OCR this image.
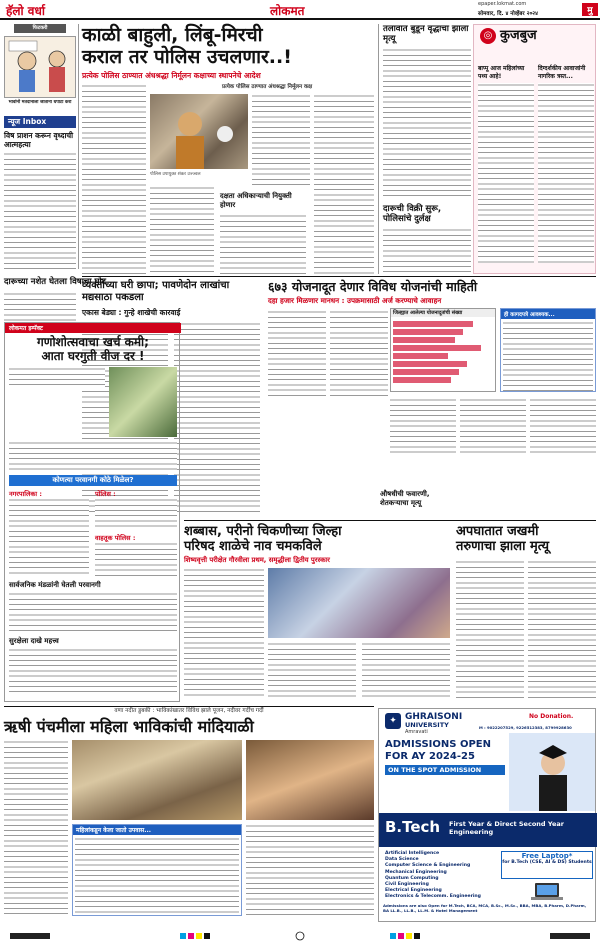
हॅलो वर्धा	लोकमत	epaper.lokmat.com
सोमवार, दि. ४ नोव्हेंबर २०२४	मु
फिटकरी
भावांनो मतदानाला जाताना धपाटा करा
न्यूज Inbox
विष प्राशन करून वृध्दाची आत्महत्या
दारूच्या नशेत घेतला विषाचा घोट
काळी बाहुली, लिंबू-मिरची
कराल तर पोलिस उचलणार..!
प्रत्येक पोलिस ठाण्यात अंधश्रद्धा निर्मूलन कक्षाच्या स्थापनेचे आदेश
प्रत्येक पोलिस ठाण्यात अंधश्रद्धा निर्मूलन कक्ष
पोलिस उपायुक्त शंकर उज्ज्वल
दक्षता अधिकाऱ्याची नियुक्ती होणार
तलावात बुडून वृद्धाचा झाला मृत्यू
दारूची विक्री सुरू, पोलिसांचे दुर्लक्ष
◎ कुजबुज
बाप्पू आज महिलांच्या पथ्य आहे!
दिग्दर्शकीय आवाजांनी नागरिक त्रस्त...
व्यक्तीच्या घरी छापा; पावणेदोन लाखांचा मद्यसाठा पकडला
एकास बेड्या : गुन्हे शाखेची कारवाई
६७३ योजनादूत देणार विविध योजनांची माहिती
दहा हजार मिळणार मानधन : उपक्रमासाठी अर्ज करण्याचे आवाहन
जिल्ह्यात आलेल्या योजनादूतांची संख्या	ही कागदपत्रे आवश्यक...
लोकमत इम्पॅक्ट
गणोशोत्सवाचा खर्च कमी;
आता घरगुती वीज दर !
कोणत्या परवानगी कोठे मिळेल?
नगरपालिका :	पोलिस :
वाहतूक पोलिस :
सार्वजनिक मंडळांनी घेतली परवानगी
सुरक्षेला दाखे महत्त्व
शब्बास, परीनो चिकणीच्या जिल्हा
परिषद शाळेचे नाव चमकविले
शिष्यवृत्ती परीक्षेत गौरवीला प्रथम, समृद्धीला द्वितीय पुरस्कार
अपघातात जखमी
तरुणाचा झाला मृत्यू
औषधीची फवारणी, शेतकऱ्याचा मृत्यू
वणा नदीत डुबकी : भाविकांखातर विविध झाले पूजन, नदीवर गर्दीच गर्दी
ऋषी पंचमीला महिला भाविकांची मांदियाळी
महिलांकडून केला जातो उपवास...
✦ GHRAISONI
UNIVERSITY
Amravati
ADMISSIONS OPEN
FOR AY 2024-25
ON THE SPOT ADMISSION
B.Tech First Year & Direct Second Year Engineering
Artificial Intelligence
Data Science
Computer Science & Engineering
Mechanical Engineering
Quantum Computing
Civil Engineering
Electrical Engineering
Electronics & Telecomm. Engineering
Free Laptop*
for B.Tech (CSE, AI & DS) Students
Admissions are also Open for M.Tech, BCA, MCA, B.Sc., M.Sc., BBA, MBA, B.Pharm, D.Pharm, BA LL.B., LL.B., LL.M. & Hotel Management
No Donation.
M : 9022207529, 9226512383, 8799928630
